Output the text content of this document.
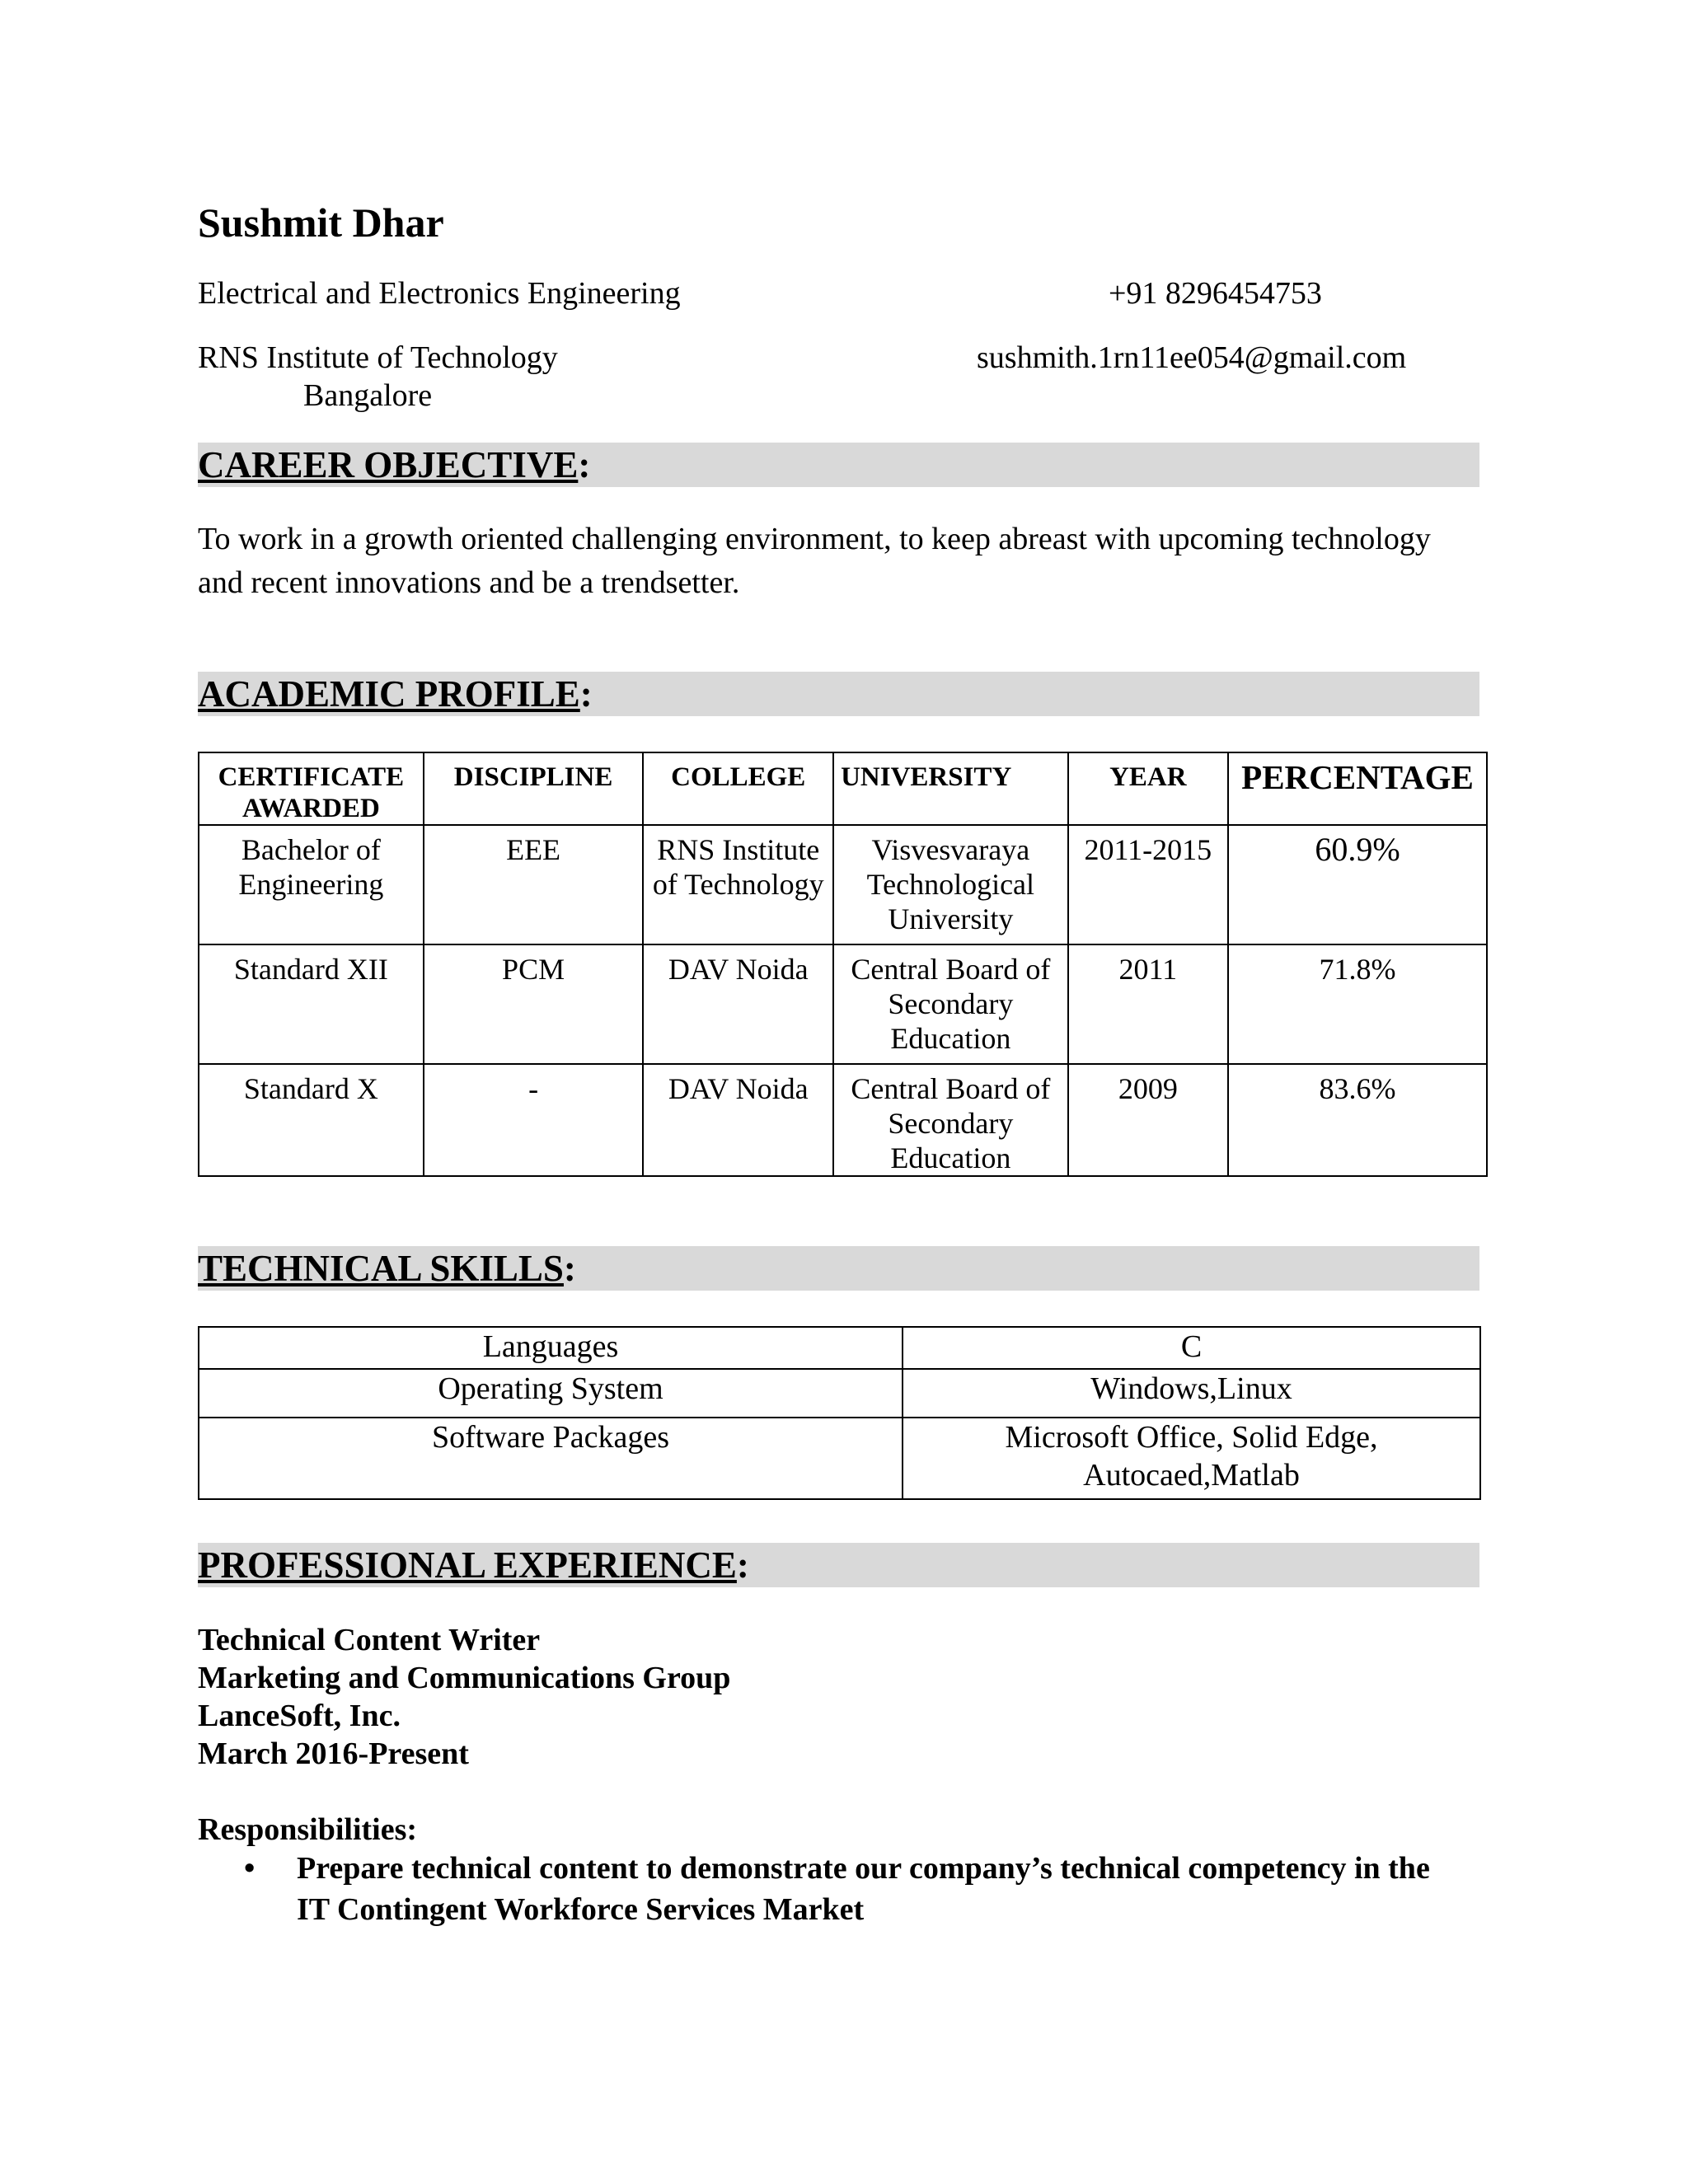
Sushmit Dhar
Electrical and Electronics Engineering	+91 8296454753
RNS Institute of Technology	sushmith.1rn11ee054@gmail.com
Bangalore
CAREER OBJECTIVE:
To work in a growth oriented challenging environment, to keep abreast with upcoming technology and recent innovations and be a trendsetter.
ACADEMIC PROFILE:
CERTIFICATE AWARDED	DISCIPLINE	COLLEGE	UNIVERSITY	YEAR	PERCENTAGE
Bachelor of Engineering	EEE	RNS Institute of Technology	Visvesvaraya Technological University	2011-2015	60.9%
Standard XII	PCM	DAV Noida	Central Board of Secondary Education	2011	71.8%
Standard X	-	DAV Noida	Central Board of Secondary Education	2009	83.6%
TECHNICAL SKILLS:
Languages	C
Operating System	Windows,Linux
Software Packages	Microsoft Office, Solid Edge, Autocaed,Matlab
PROFESSIONAL EXPERIENCE:
Technical Content Writer
Marketing and Communications Group
LanceSoft, Inc.
March 2016-Present
Responsibilities:
•	Prepare technical content to demonstrate our company’s technical competency in the IT Contingent Workforce Services Market
